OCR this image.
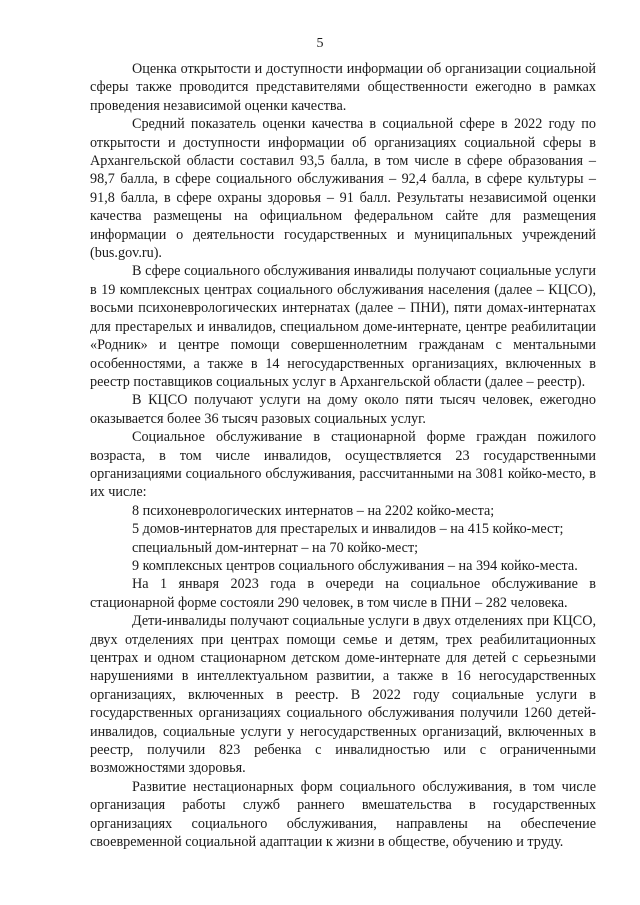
5

Оценка открытости и доступности информации об организации социальной сферы также проводится представителями общественности ежегодно в рамках проведения независимой оценки качества.

Средний показатель оценки качества в социальной сфере в 2022 году по открытости и доступности информации об организациях социальной сферы в Архангельской области составил 93,5 балла, в том числе в сфере образования – 98,7 балла, в сфере социального обслуживания – 92,4 балла, в сфере культуры – 91,8 балла, в сфере охраны здоровья – 91 балл. Результаты независимой оценки качества размещены на официальном федеральном сайте для размещения информации о деятельности государственных и муниципальных учреждений (bus.gov.ru).

В сфере социального обслуживания инвалиды получают социальные услуги в 19 комплексных центрах социального обслуживания населения (далее – КЦСО), восьми психоневрологических интернатах (далее – ПНИ), пяти домах-интернатах для престарелых и инвалидов, специальном доме-интернате, центре реабилитации «Родник» и центре помощи совершеннолетним гражданам с ментальными особенностями, а также в 14 негосударственных организациях, включенных в реестр поставщиков социальных услуг в Архангельской области (далее – реестр).

В КЦСО получают услуги на дому около пяти тысяч человек, ежегодно оказывается более 36 тысяч разовых социальных услуг.

Социальное обслуживание в стационарной форме граждан пожилого возраста, в том числе инвалидов, осуществляется 23 государственными организациями социального обслуживания, рассчитанными на 3081 койко-место, в их числе:

8 психоневрологических интернатов – на 2202 койко-места;

5 домов-интернатов для престарелых и инвалидов – на 415 койко-мест;

специальный дом-интернат – на 70 койко-мест;

9 комплексных центров социального обслуживания – на 394 койко-места.

На 1 января 2023 года в очереди на социальное обслуживание в стационарной форме состояли 290 человек, в том числе в ПНИ – 282 человека.

Дети-инвалиды получают социальные услуги в двух отделениях при КЦСО, двух отделениях при центрах помощи семье и детям, трех реабилитационных центрах и одном стационарном детском доме-интернате для детей с серьезными нарушениями в интеллектуальном развитии, а также в 16 негосударственных организациях, включенных в реестр. В 2022 году социальные услуги в государственных организациях социального обслуживания получили 1260 детей-инвалидов, социальные услуги у негосударственных организаций, включенных в реестр, получили 823 ребенка с инвалидностью или с ограниченными возможностями здоровья.

Развитие нестационарных форм социального обслуживания, в том числе организация работы служб раннего вмешательства в государственных организациях социального обслуживания, направлены на обеспечение своевременной социальной адаптации к жизни в обществе, обучению и труду.
